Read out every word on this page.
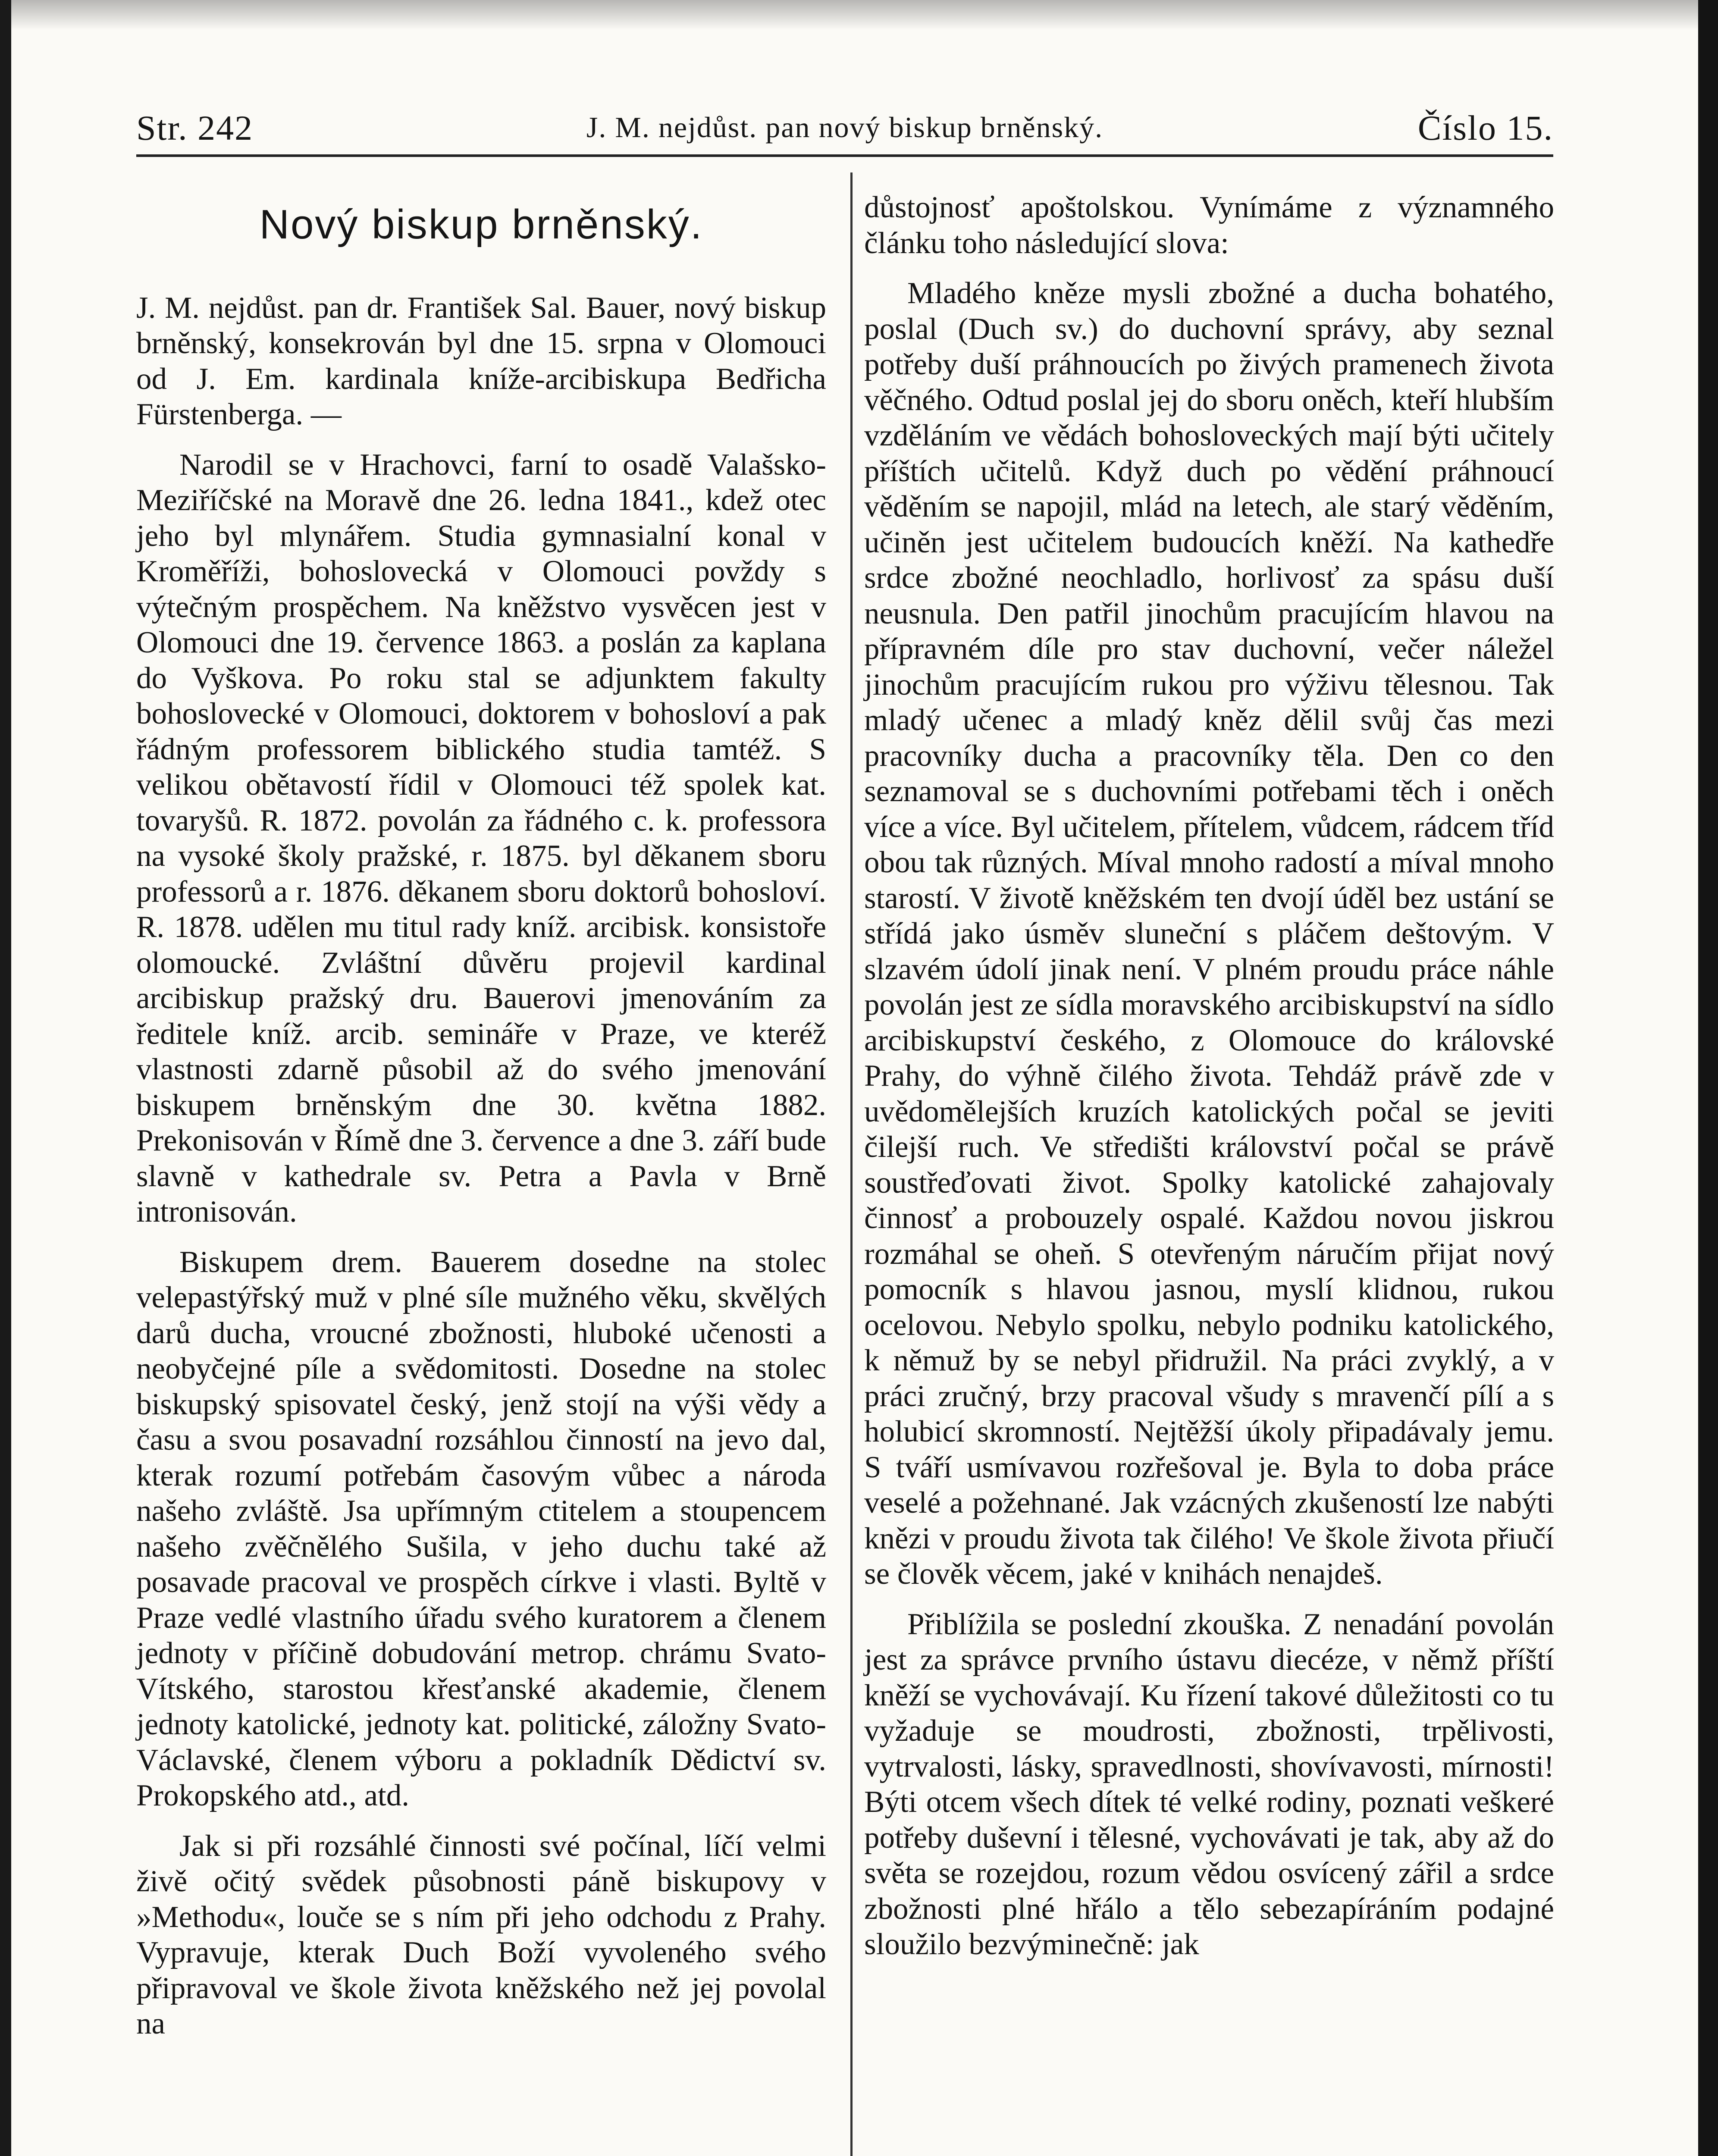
Str. 242	J. M. nejdůst. pan nový biskup brněnský.	Číslo 15.
Nový biskup brněnský.

J. M. nejdůst. pan dr. František Sal. Bauer, nový biskup brněnský, konsekrován byl dne 15. srpna v Olomouci od J. Em. kardinala kníže-arcibiskupa Bedřicha Fürstenberga. —

Narodil se v Hrachovci, farní to osadě Valašsko-Meziříčské na Moravě dne 26. ledna 1841., kdež otec jeho byl mlynářem. Studia gymnasialní konal v Kroměříži, bohoslovecká v Olomouci povždy s výtečným prospěchem. Na kněžstvo vysvěcen jest v Olomouci dne 19. července 1863. a poslán za kaplana do Vyškova. Po roku stal se adjunktem fakulty bohoslovecké v Olomouci, doktorem v bohosloví a pak řádným professorem biblického studia tamtéž. S velikou obětavostí řídil v Olomouci též spolek kat. tovaryšů. R. 1872. povolán za řádného c. k. professora na vysoké školy pražské, r. 1875. byl děkanem sboru professorů a r. 1876. děkanem sboru doktorů bohosloví. R. 1878. udělen mu titul rady kníž. arcibisk. konsistoře olomoucké. Zvláštní důvěru projevil kardinal arcibiskup pražský dru. Bauerovi jmenováním za ředitele kníž. arcib. semináře v Praze, ve kteréž vlastnosti zdarně působil až do svého jmenování biskupem brněnským dne 30. května 1882. Prekonisován v Římě dne 3. července a dne 3. září bude slavně v kathedrale sv. Petra a Pavla v Brně intronisován.

Biskupem drem. Bauerem dosedne na stolec velepastýřský muž v plné síle mužného věku, skvělých darů ducha, vroucné zbožnosti, hluboké učenosti a neobyčejné píle a svědomitosti. Dosedne na stolec biskupský spisovatel český, jenž stojí na výši vědy a času a svou posavadní rozsáhlou činností na jevo dal, kterak rozumí potřebám časovým vůbec a národa našeho zvláště. Jsa upřímným ctitelem a stoupencem našeho zvěčnělého Sušila, v jeho duchu také až posavade pracoval ve prospěch církve i vlasti. Byltě v Praze vedlé vlastního úřadu svého kuratorem a členem jednoty v příčině dobudování metrop. chrámu Svato-Vítského, starostou křesťanské akademie, členem jednoty katolické, jednoty kat. politické, záložny Svato-Václavské, členem výboru a pokladník Dědictví sv. Prokopského atd., atd.

Jak si při rozsáhlé činnosti své počínal, líčí velmi živě očitý svědek působnosti páně biskupovy v »Methodu«, louče se s ním při jeho odchodu z Prahy. Vypravuje, kterak Duch Boží vyvoleného svého připravoval ve škole života kněžského než jej povolal na

důstojnosť apoštolskou. Vynímáme z významného článku toho následující slova:

Mladého kněze mysli zbožné a ducha bohatého, poslal (Duch sv.) do duchovní správy, aby seznal potřeby duší práhnoucích po živých pramenech života věčného. Odtud poslal jej do sboru oněch, kteří hlubším vzděláním ve vědách bohosloveckých mají býti učitely příštích učitelů. Když duch po vědění práhnoucí věděním se napojil, mlád na letech, ale starý věděním, učiněn jest učitelem budoucích kněží. Na kathedře srdce zbožné neochladlo, horlivosť za spásu duší neusnula. Den patřil jinochům pracujícím hlavou na přípravném díle pro stav duchovní, večer náležel jinochům pracujícím rukou pro výživu tělesnou. Tak mladý učenec a mladý kněz dělil svůj čas mezi pracovníky ducha a pracovníky těla. Den co den seznamoval se s duchovními potřebami těch i oněch více a více. Byl učitelem, přítelem, vůdcem, rádcem tříd obou tak různých. Míval mnoho radostí a míval mnoho starostí. V životě kněžském ten dvojí úděl bez ustání se střídá jako úsměv sluneční s pláčem deštovým. V slzavém údolí jinak není. V plném proudu práce náhle povolán jest ze sídla moravského arcibiskupství na sídlo arcibiskupství českého, z Olomouce do královské Prahy, do výhně čilého života. Tehdáž právě zde v uvědomělejších kruzích katolických počal se jeviti čilejší ruch. Ve středišti království počal se právě soustřeďovati život. Spolky katolické zahajovaly činnosť a probouzely ospalé. Každou novou jiskrou rozmáhal se oheň. S otevřeným náručím přijat nový pomocník s hlavou jasnou, myslí klidnou, rukou ocelovou. Nebylo spolku, nebylo podniku katolického, k němuž by se nebyl přidružil. Na práci zvyklý, a v práci zručný, brzy pracoval všudy s mravenčí pílí a s holubicí skromností. Nejtěžší úkoly připadávaly jemu. S tváří usmívavou rozřešoval je. Byla to doba práce veselé a požehnané. Jak vzácných zkušeností lze nabýti knězi v proudu života tak čilého! Ve škole života přiučí se člověk věcem, jaké v knihách nenajdeš.

Přiblížila se poslední zkouška. Z nenadání povolán jest za správce prvního ústavu diecéze, v němž příští kněží se vychovávají. Ku řízení takové důležitosti co tu vyžaduje se moudrosti, zbožnosti, trpělivosti, vytrvalosti, lásky, spravedlnosti, shovívavosti, mírnosti! Býti otcem všech dítek té velké rodiny, poznati veškeré potřeby duševní i tělesné, vychovávati je tak, aby až do světa se rozejdou, rozum vědou osvícený zářil a srdce zbožnosti plné hřálo a tělo sebezapíráním podajné sloužilo bezvýminečně: jak
